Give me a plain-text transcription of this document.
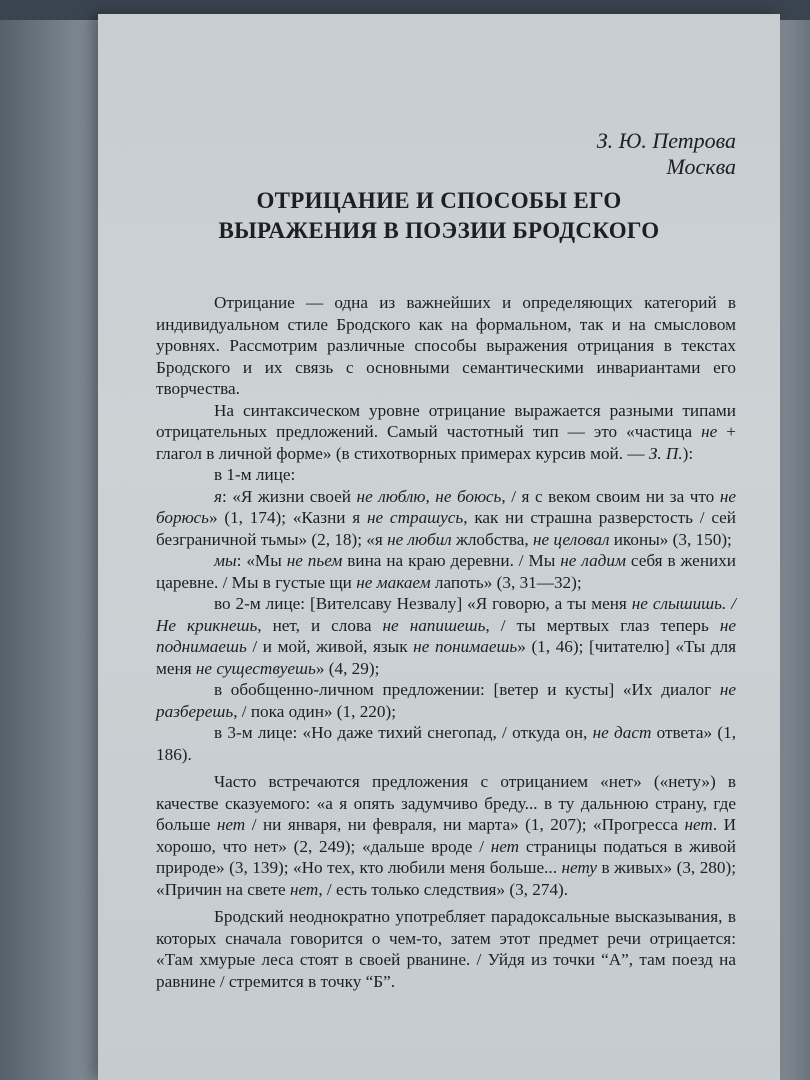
З. Ю. Петрова
Москва
ОТРИЦАНИЕ И СПОСОБЫ ЕГО
ВЫРАЖЕНИЯ В ПОЭЗИИ БРОДСКОГО

Отрицание — одна из важнейших и определяющих категорий в индивидуальном стиле Бродского как на формальном, так и на смысловом уровнях. Рассмотрим различные способы выражения отрицания в текстах Бродского и их связь с основными семантическими инвариантами его творчества.

На синтаксическом уровне отрицание выражается разными типами отрицательных предложений. Самый частотный тип — это «частица не + глагол в личной форме» (в стихотворных примерах курсив мой. — З. П.):

в 1-м лице:

я: «Я жизни своей не люблю, не боюсь, / я с веком своим ни за что не борюсь» (1, 174); «Казни я не страшусь, как ни страшна разверстость / сей безграничной тьмы» (2, 18); «я не любил жлобства, не целовал иконы» (3, 150);

мы: «Мы не пьем вина на краю деревни. / Мы не ладим себя в женихи царевне. / Мы в густые щи не макаем лапоть» (3, 31—32);

во 2-м лице: [Вителсаву Незвалу] «Я говорю, а ты меня не слышишь. / Не крикнешь, нет, и слова не напишешь, / ты мертвых глаз теперь не поднимаешь / и мой, живой, язык не понимаешь» (1, 46); [читателю] «Ты для меня не существуешь» (4, 29);

в обобщенно-личном предложении: [ветер и кусты] «Их диалог не разберешь, / пока один» (1, 220);

в 3-м лице: «Но даже тихий снегопад, / откуда он, не даст ответа» (1, 186).

Часто встречаются предложения с отрицанием «нет» («нету») в качестве сказуемого: «а я опять задумчиво бреду... в ту дальнюю страну, где больше нет / ни января, ни февраля, ни марта» (1, 207); «Прогресса нет. И хорошо, что нет» (2, 249); «дальше вроде / нет страницы податься в живой природе» (3, 139); «Но тех, кто любили меня больше... нету в живых» (3, 280); «Причин на свете нет, / есть только следствия» (3, 274).

Бродский неоднократно употребляет парадоксальные высказывания, в которых сначала говорится о чем-то, затем этот предмет речи отрицается: «Там хмурые леса стоят в своей рванине. / Уйдя из точки “А”, там поезд на равнине / стремится в точку “Б”.
